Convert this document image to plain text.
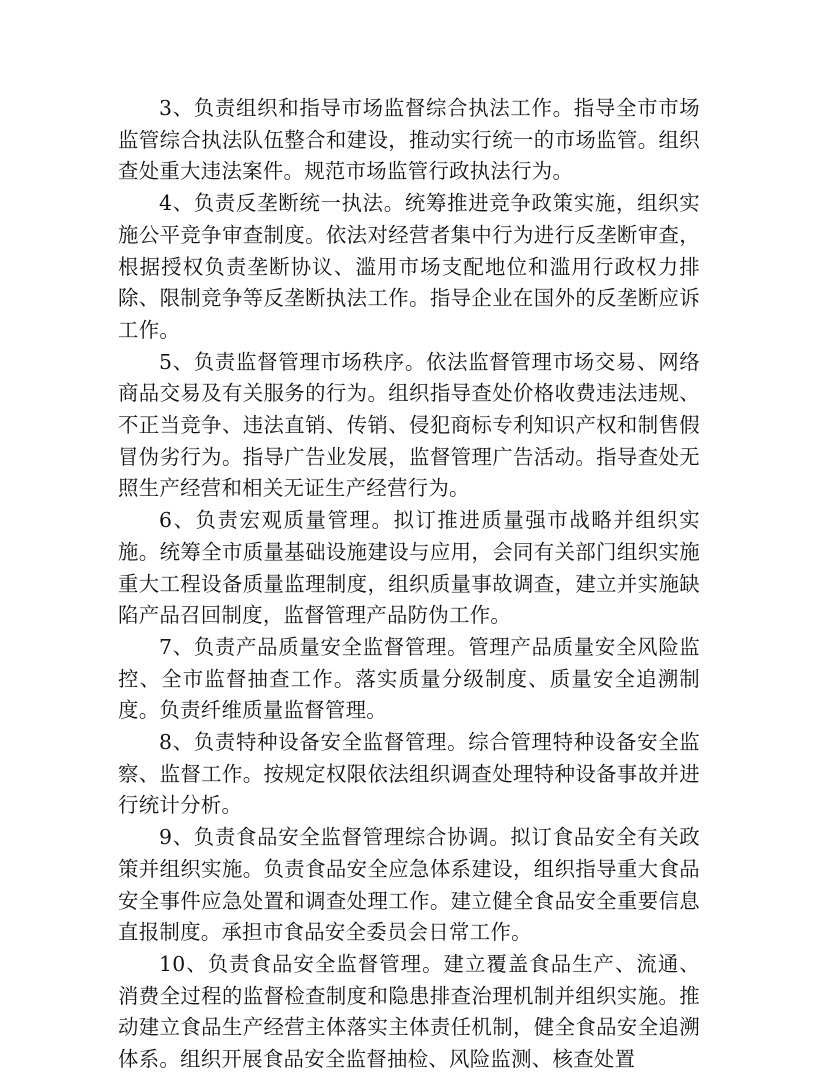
3、负责组织和指导市场监督综合执法工作。指导全市市场监管综合执法队伍整合和建设，推动实行统一的市场监管。组织查处重大违法案件。规范市场监管行政执法行为。

4、负责反垄断统一执法。统筹推进竞争政策实施，组织实施公平竞争审查制度。依法对经营者集中行为进行反垄断审查，根据授权负责垄断协议、滥用市场支配地位和滥用行政权力排除、限制竞争等反垄断执法工作。指导企业在国外的反垄断应诉工作。

5、负责监督管理市场秩序。依法监督管理市场交易、网络商品交易及有关服务的行为。组织指导查处价格收费违法违规、不正当竞争、违法直销、传销、侵犯商标专利知识产权和制售假冒伪劣行为。指导广告业发展，监督管理广告活动。指导查处无照生产经营和相关无证生产经营行为。

6、负责宏观质量管理。拟订推进质量强市战略并组织实施。统筹全市质量基础设施建设与应用，会同有关部门组织实施重大工程设备质量监理制度，组织质量事故调查，建立并实施缺陷产品召回制度，监督管理产品防伪工作。

7、负责产品质量安全监督管理。管理产品质量安全风险监控、全市监督抽查工作。落实质量分级制度、质量安全追溯制度。负责纤维质量监督管理。

8、负责特种设备安全监督管理。综合管理特种设备安全监察、监督工作。按规定权限依法组织调查处理特种设备事故并进行统计分析。

9、负责食品安全监督管理综合协调。拟订食品安全有关政策并组织实施。负责食品安全应急体系建设，组织指导重大食品安全事件应急处置和调查处理工作。建立健全食品安全重要信息直报制度。承担市食品安全委员会日常工作。

10、负责食品安全监督管理。建立覆盖食品生产、流通、消费全过程的监督检查制度和隐患排查治理机制并组织实施。推动建立食品生产经营主体落实主体责任机制，健全食品安全追溯体系。组织开展食品安全监督抽检、风险监测、核查处置
